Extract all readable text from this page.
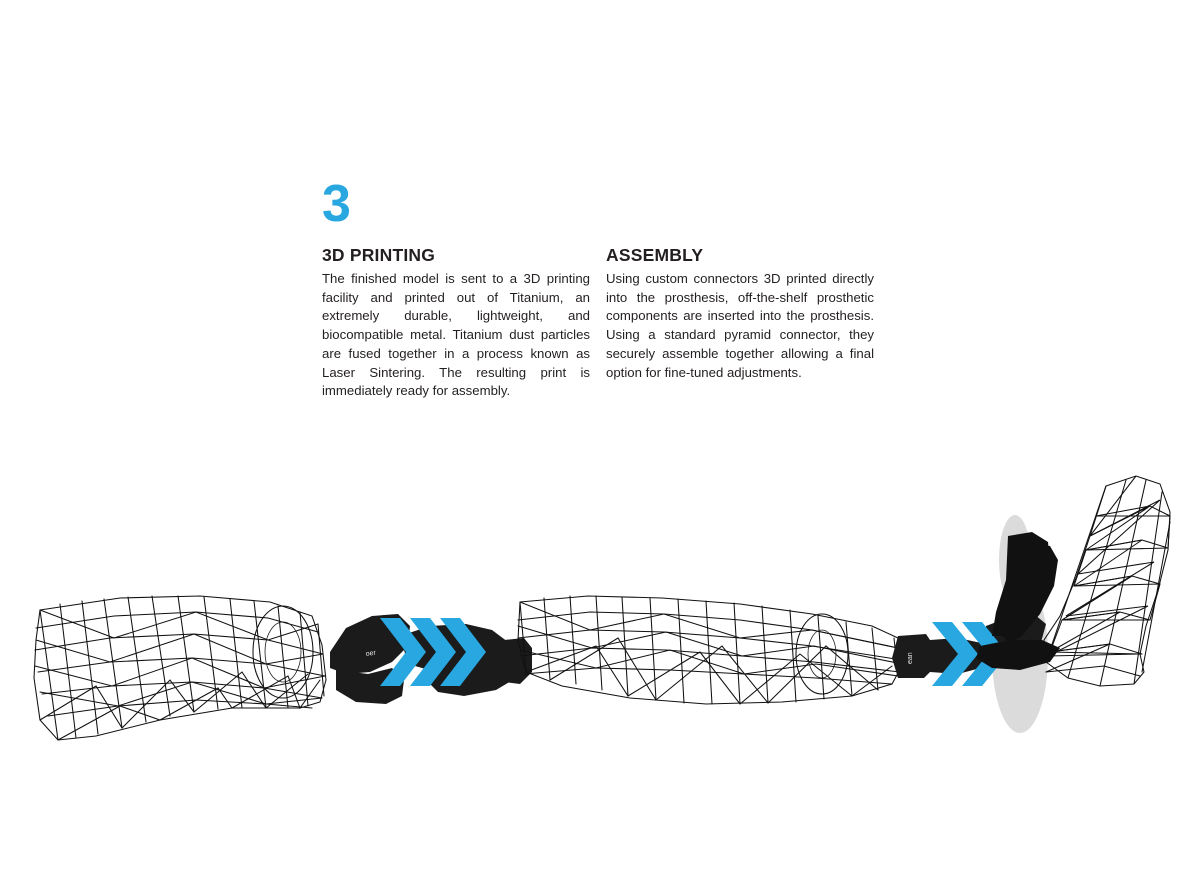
3
3D PRINTING

The finished model is sent to a 3D printing facility and printed out of Titanium, an extremely durable, lightweight, and biocompatible metal. Titanium dust particles are fused together in a process known as Laser Sintering. The resulting print is immediately ready for assembly.

ASSEMBLY

Using custom connectors 3D printed directly into the prosthesis, off-the-shelf prosthetic components are inserted into the prosthesis. Using a standard pyramid connector, they securely assemble together allowing a final option for fine-tuned adjustments.

oer	ean
